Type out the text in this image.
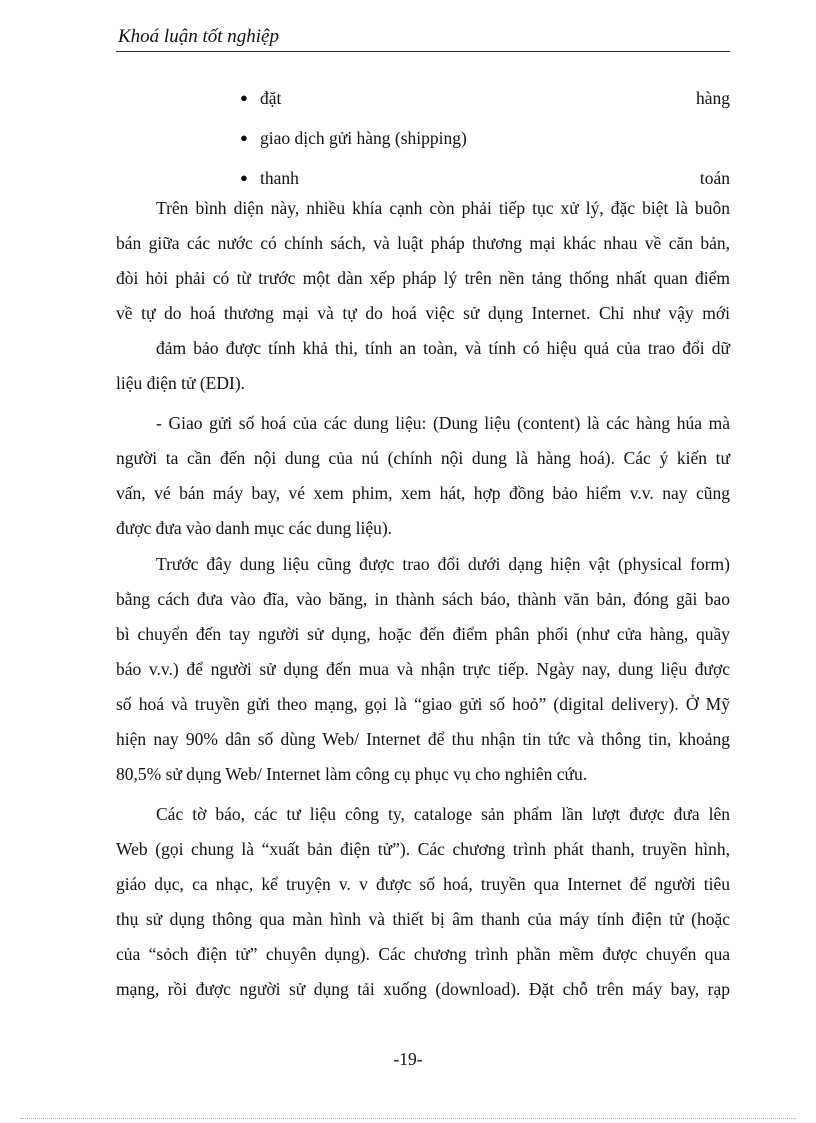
Khoá luận tốt nghiệp
● đặt	hàng
● giao dịch gửi hàng (shipping)
● thanh	toán
Trên bình diện này, nhiều khía cạnh còn phải tiếp tục xử lý, đặc biệt là buôn
bán giữa các nước có chính sách, và luật pháp thương mại khác nhau về căn bản,
đòi hỏi phải có từ trước một dàn xếp pháp lý trên nền tảng thống nhất quan điểm
về tự do hoá thương mại và tự do hoá việc sử dụng Internet. Chỉ như vậy mới
đảm bảo được tính khả thi, tính an toàn, và tính có hiệu quả của trao đổi dữ
liệu điện tử (EDI).
- Giao gửi số hoá của các dung liệu: (Dung liệu (content) là các hàng húa mà
người ta cần đến nội dung của nú (chính nội dung là hàng hoá). Các ý kiến tư
vấn, vé bán máy bay, vé xem phim, xem hát, hợp đồng bảo hiểm v.v. nay cũng
được đưa vào danh mục các dung liệu).
Trước đây dung liệu cũng được trao đổi dưới dạng hiện vật (physical form)
bằng cách đưa vào đĩa, vào băng, in thành sách báo, thành văn bản, đóng gãi bao
bì chuyển đến tay người sử dụng, hoặc đến điểm phân phối (như cửa hàng, quầy
báo v.v.) để người sử dụng đến mua và nhận trực tiếp. Ngày nay, dung liệu được
số hoá và truyền gửi theo mạng, gọi là “giao gửi số hoỏ” (digital delivery). Ở Mỹ
hiện nay 90% dân số dùng Web/ Internet để thu nhận tin tức và thông tin, khoảng
80,5% sử dụng Web/ Internet làm công cụ phục vụ cho nghiên cứu.
Các tờ báo, các tư liệu công ty, cataloge sản phẩm lần lượt được đưa lên
Web (gọi chung là “xuất bản điện tử”). Các chương trình phát thanh, truyền hình,
giáo dục, ca nhạc, kể truyện v. v được số hoá, truyền qua Internet để người tiêu
thụ sử dụng thông qua màn hình và thiết bị âm thanh của máy tính điện tử (hoặc
của “sỏch điện tử” chuyên dụng). Các chương trình phần mềm được chuyển qua
mạng, rồi được người sử dụng tải xuống (download). Đặt chỗ trên máy bay, rạp
-19-
